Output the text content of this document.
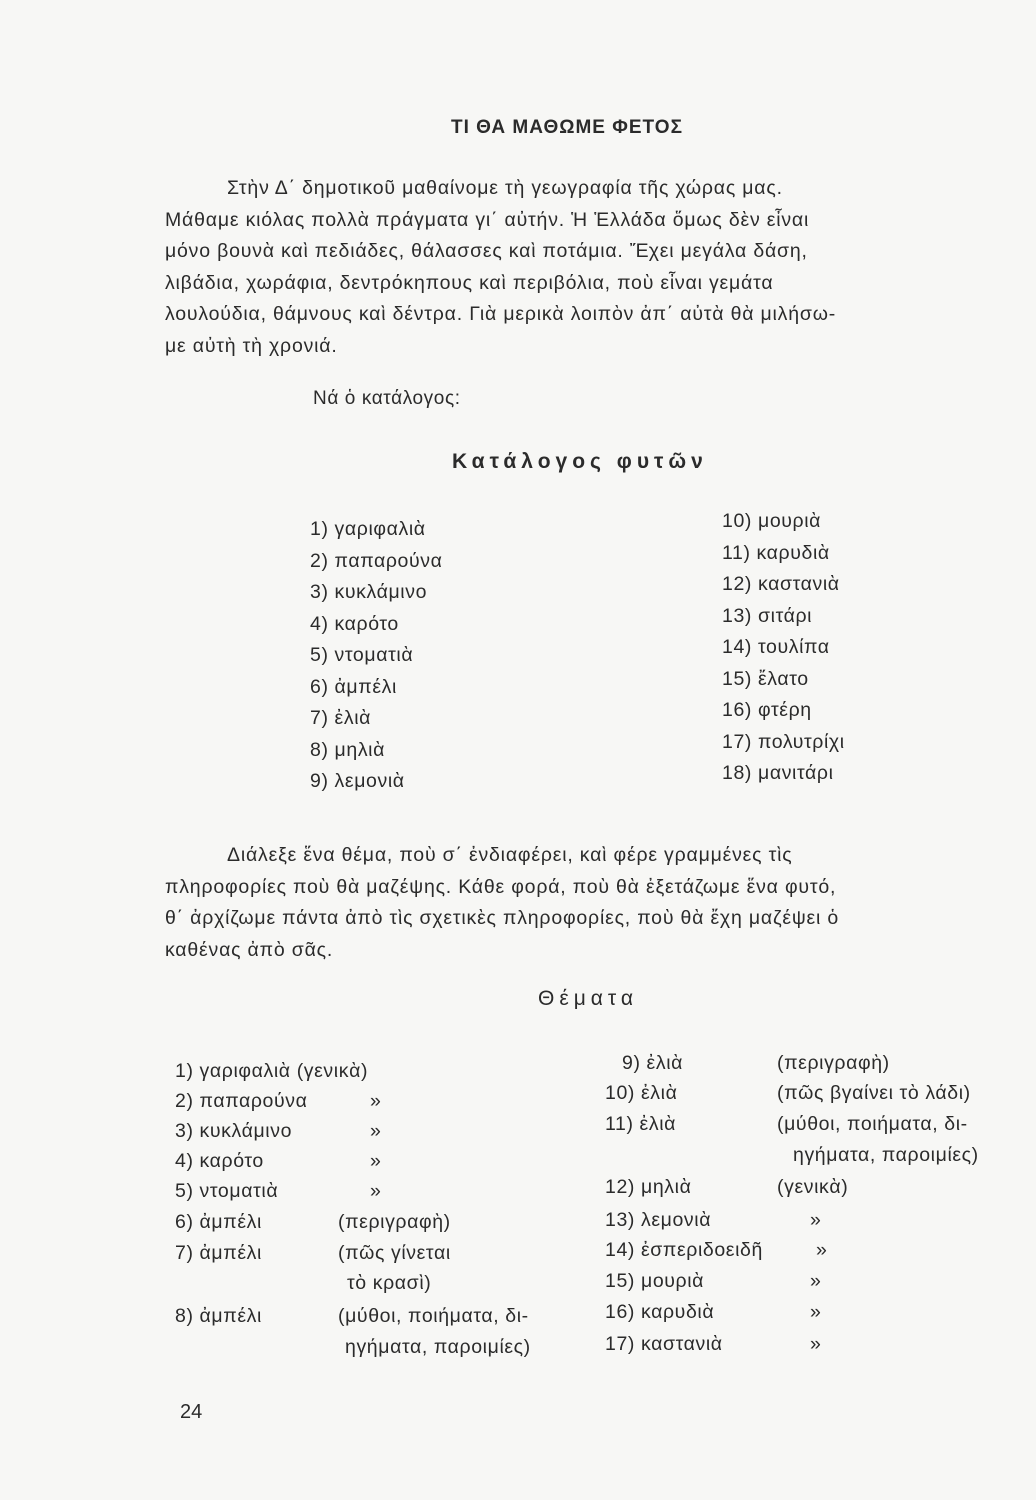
ΤΙ ΘΑ ΜΑΘΩΜΕ ΦΕΤΟΣ
Στὴν Δ΄ δημοτικοῦ μαθαίνομε τὴ γεωγραφία τῆς χώρας μας.
Μάθαμε κιόλας πολλὰ πράγματα γι΄ αὐτήν. Ἡ Ἑλλάδα ὅμως δὲν εἶναι
μόνο βουνὰ καὶ πεδιάδες, θάλασσες καὶ ποτάμια. Ἔχει μεγάλα δάση,
λιβάδια, χωράφια, δεντρόκηπους καὶ περιβόλια, ποὺ εἶναι γεμάτα
λουλούδια, θάμνους καὶ δέντρα. Γιὰ μερικὰ λοιπὸν ἀπ΄ αὐτὰ θὰ μιλήσω-
με αὐτὴ τὴ χρονιά.
Νά ὁ κατάλογος:
Κατάλογος φυτῶν
1) γαριφαλιὰ
2) παπαρούνα
3) κυκλάμινο
4) καρότο
5) ντοματιὰ
6) ἀμπέλι
7) ἐλιὰ
8) μηλιὰ
9) λεμονιὰ
10) μουριὰ
11) καρυδιὰ
12) καστανιὰ
13) σιτάρι
14) τουλίπα
15) ἔλατο
16) φτέρη
17) πολυτρίχι
18) μανιτάρι
Διάλεξε ἕνα θέμα, ποὺ σ΄ ἐνδιαφέρει, καὶ φέρε γραμμένες τὶς
πληροφορίες ποὺ θὰ μαζέψης. Κάθε φορά, ποὺ θὰ ἐξετάζωμε ἕνα φυτό,
θ΄ ἀρχίζωμε πάντα ἀπὸ τὶς σχετικὲς πληροφορίες, ποὺ θὰ ἔχη μαζέψει ὁ
καθένας ἀπὸ σᾶς.
Θέματα
1) γαριφαλιὰ (γενικὰ)
2) παπαρούνα	»
3) κυκλάμινο	»
4) καρότο	»
5) ντοματιὰ	»
6) ἀμπέλι	(περιγραφὴ)
7) ἀμπέλι	(πῶς γίνεται
τὸ κρασὶ)
8) ἀμπέλι	(μύθοι, ποιήματα, δι-
ηγήματα, παροιμίες)
9) ἐλιὰ	(περιγραφὴ)
10) ἐλιὰ	(πῶς βγαίνει τὸ λάδι)
11) ἐλιὰ	(μύθοι, ποιήματα, δι-
ηγήματα, παροιμίες)
12) μηλιὰ	(γενικὰ)
13) λεμονιὰ	»
14) ἐσπεριδοειδῆ	»
15) μουριὰ	»
16) καρυδιὰ	»
17) καστανιὰ	»
24
